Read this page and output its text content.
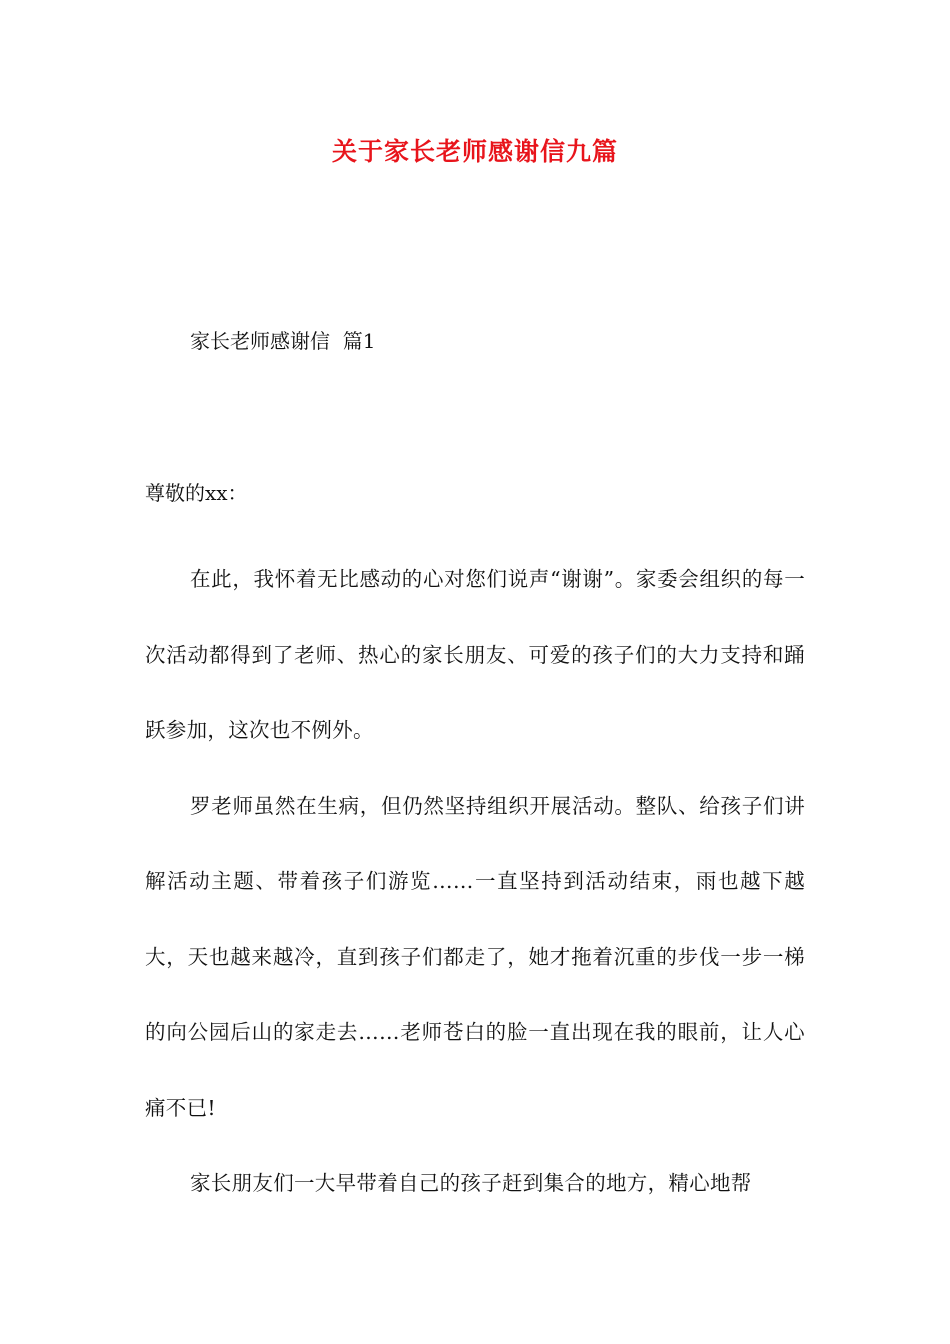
关于家长老师感谢信九篇
家长老师感谢信  篇1
尊敬的xx：

在此，我怀着无比感动的心对您们说声“谢谢”。家委会组织的每一次活动都得到了老师、热心的家长朋友、可爱的孩子们的大力支持和踊跃参加，这次也不例外。

罗老师虽然在生病，但仍然坚持组织开展活动。整队、给孩子们讲解活动主题、带着孩子们游览……一直坚持到活动结束，雨也越下越大，天也越来越冷，直到孩子们都走了，她才拖着沉重的步伐一步一梯的向公园后山的家走去……老师苍白的脸一直出现在我的眼前，让人心痛不已!

家长朋友们一大早带着自己的孩子赶到集合的地方，精心地帮
